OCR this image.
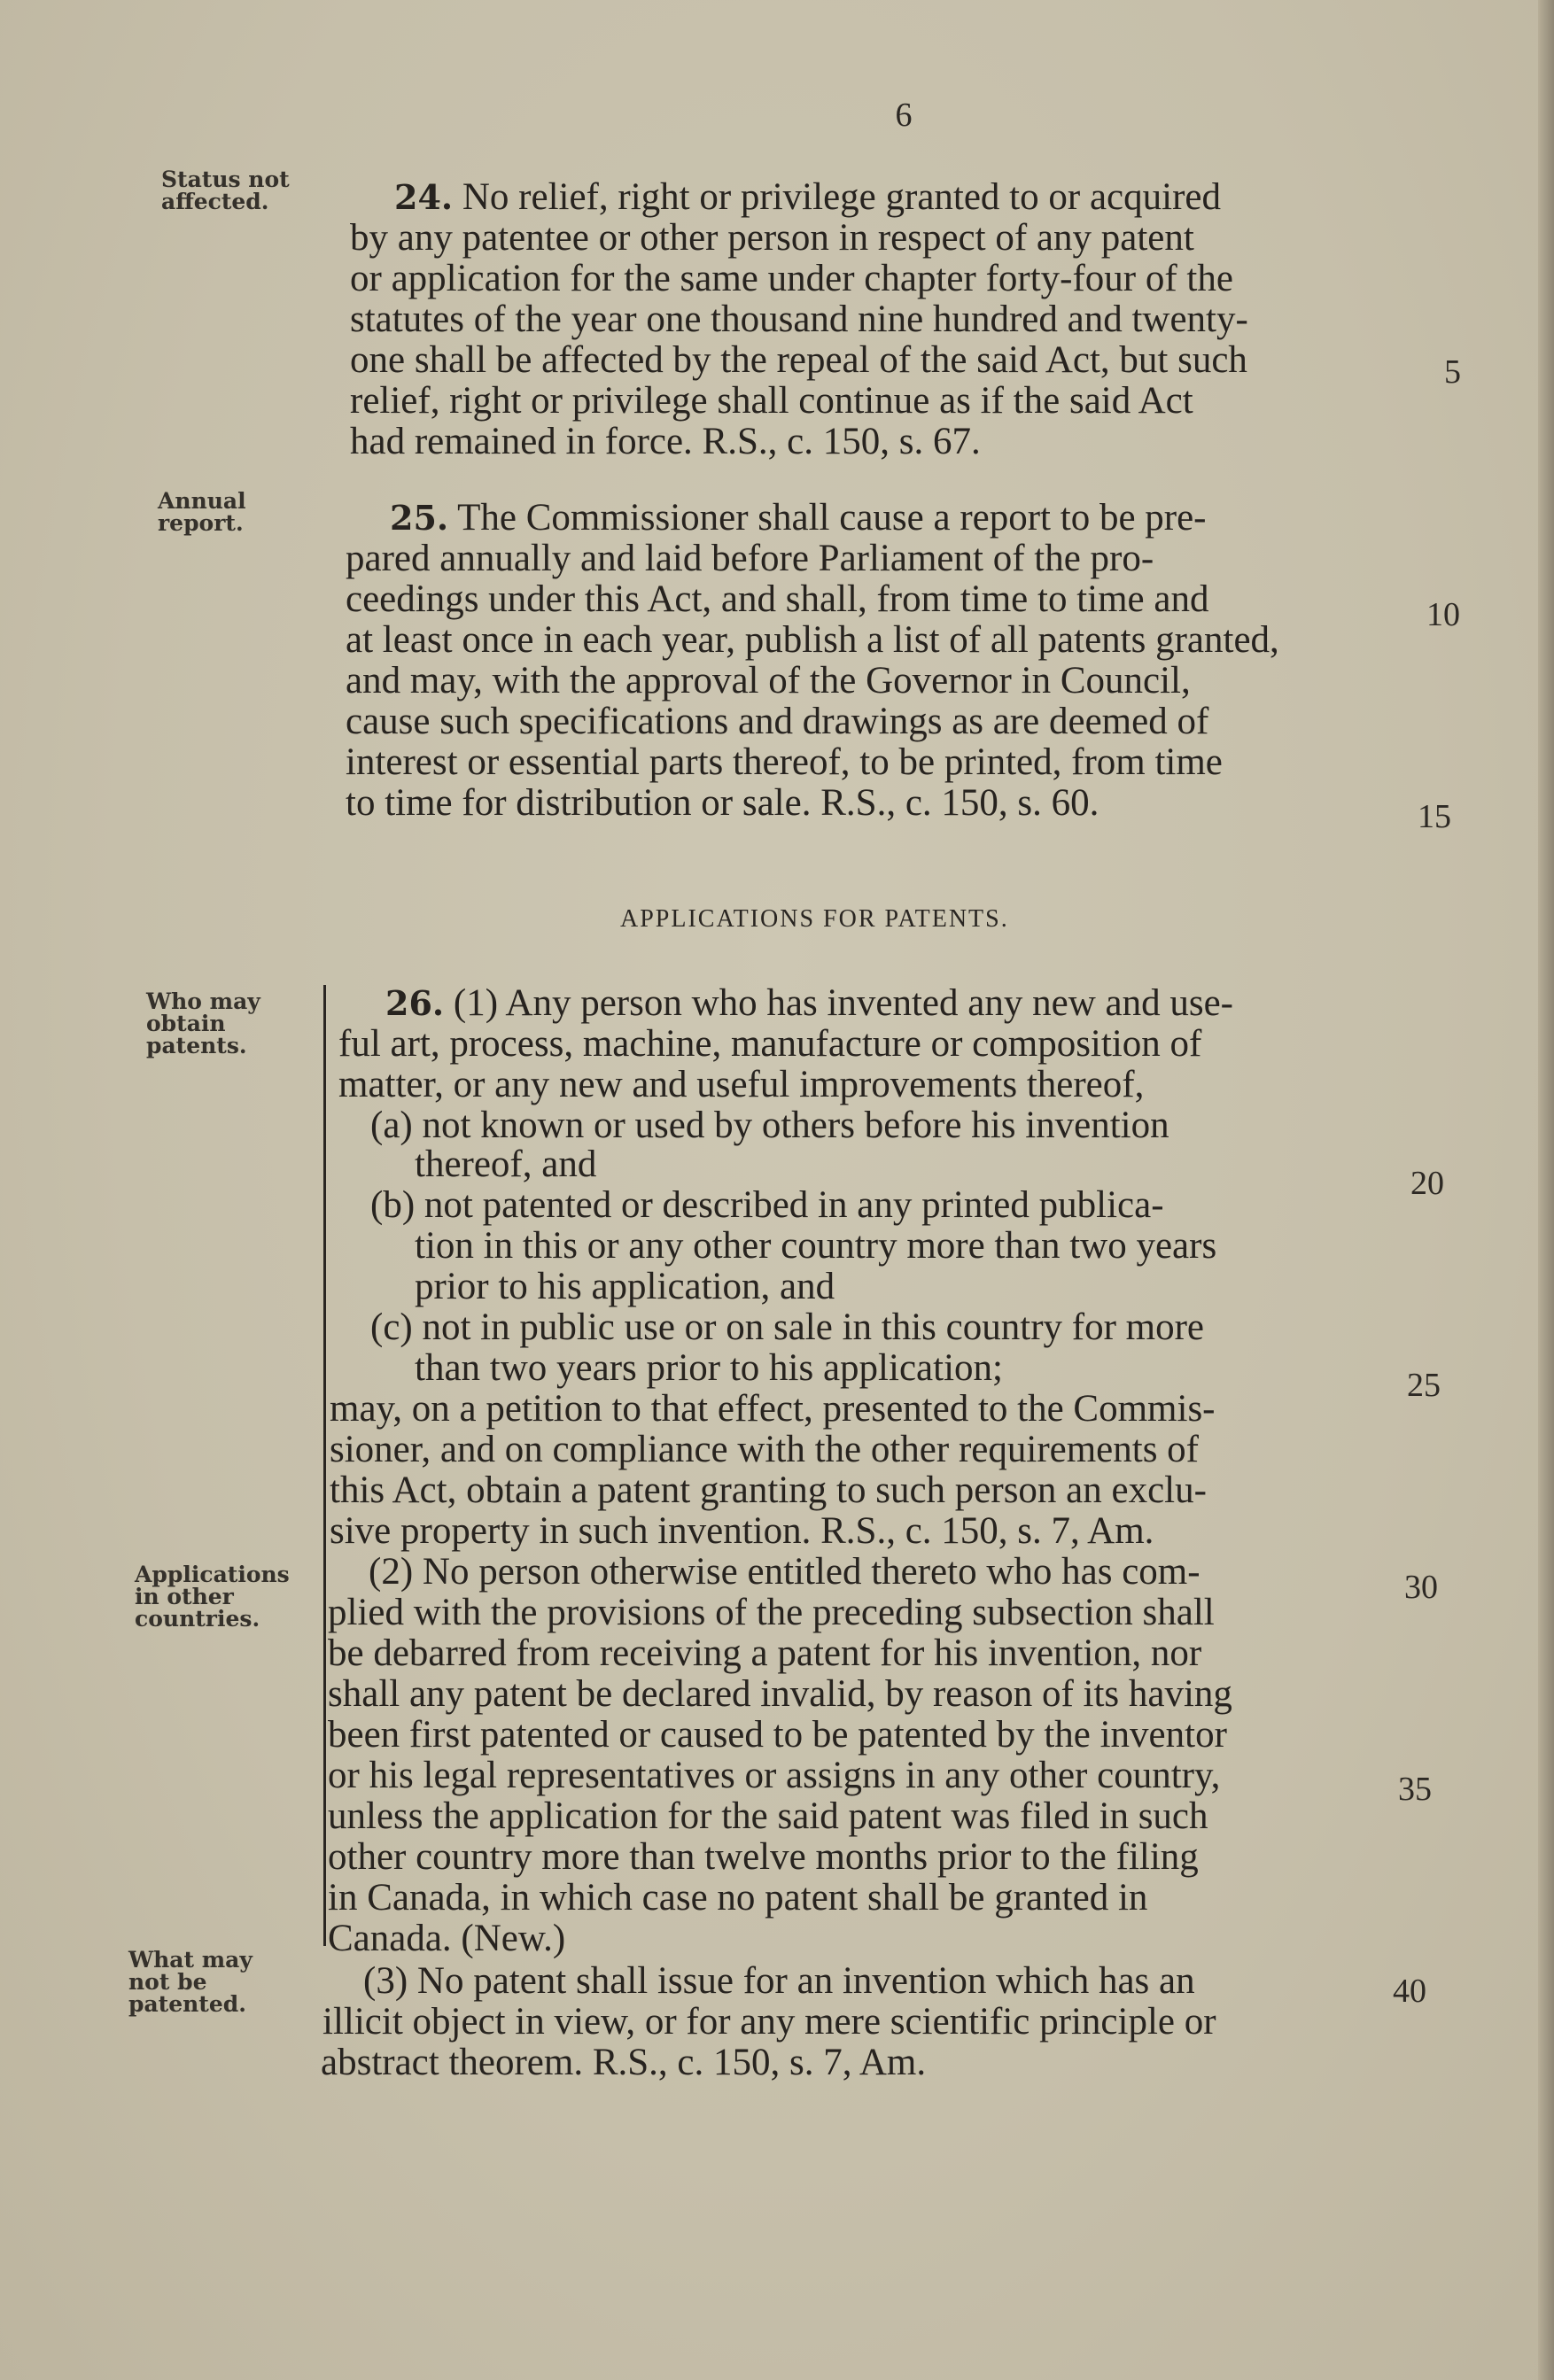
6
Status not
affected.
Annual
report.
Who may
obtain
patents.
Applications
in other
countries.
What may
not be
patented.
24. No relief, right or privilege granted to or acquired
by any patentee or other person in respect of any patent
or application for the same under chapter forty-four of the
statutes of the year one thousand nine hundred and twenty-
one shall be affected by the repeal of the said Act, but such
relief, right or privilege shall continue as if the said Act
had remained in force. R.S., c. 150, s. 67.
25. The Commissioner shall cause a report to be pre-
pared annually and laid before Parliament of the pro-
ceedings under this Act, and shall, from time to time and
at least once in each year, publish a list of all patents granted,
and may, with the approval of the Governor in Council,
cause such specifications and drawings as are deemed of
interest or essential parts thereof, to be printed, from time
to time for distribution or sale. R.S., c. 150, s. 60.
APPLICATIONS FOR PATENTS.
26. (1) Any person who has invented any new and use-
ful art, process, machine, manufacture or composition of
matter, or any new and useful improvements thereof,
(a) not known or used by others before his invention
thereof, and
(b) not patented or described in any printed publica-
tion in this or any other country more than two years
prior to his application, and
(c) not in public use or on sale in this country for more
than two years prior to his application;
may, on a petition to that effect, presented to the Commis-
sioner, and on compliance with the other requirements of
this Act, obtain a patent granting to such person an exclu-
sive property in such invention. R.S., c. 150, s. 7, Am.
(2) No person otherwise entitled thereto who has com-
plied with the provisions of the preceding subsection shall
be debarred from receiving a patent for his invention, nor
shall any patent be declared invalid, by reason of its having
been first patented or caused to be patented by the inventor
or his legal representatives or assigns in any other country,
unless the application for the said patent was filed in such
other country more than twelve months prior to the filing
in Canada, in which case no patent shall be granted in
Canada. (New.)
(3) No patent shall issue for an invention which has an
illicit object in view, or for any mere scientific principle or
abstract theorem. R.S., c. 150, s. 7, Am.
5
10
15
20
25
30
35
40
